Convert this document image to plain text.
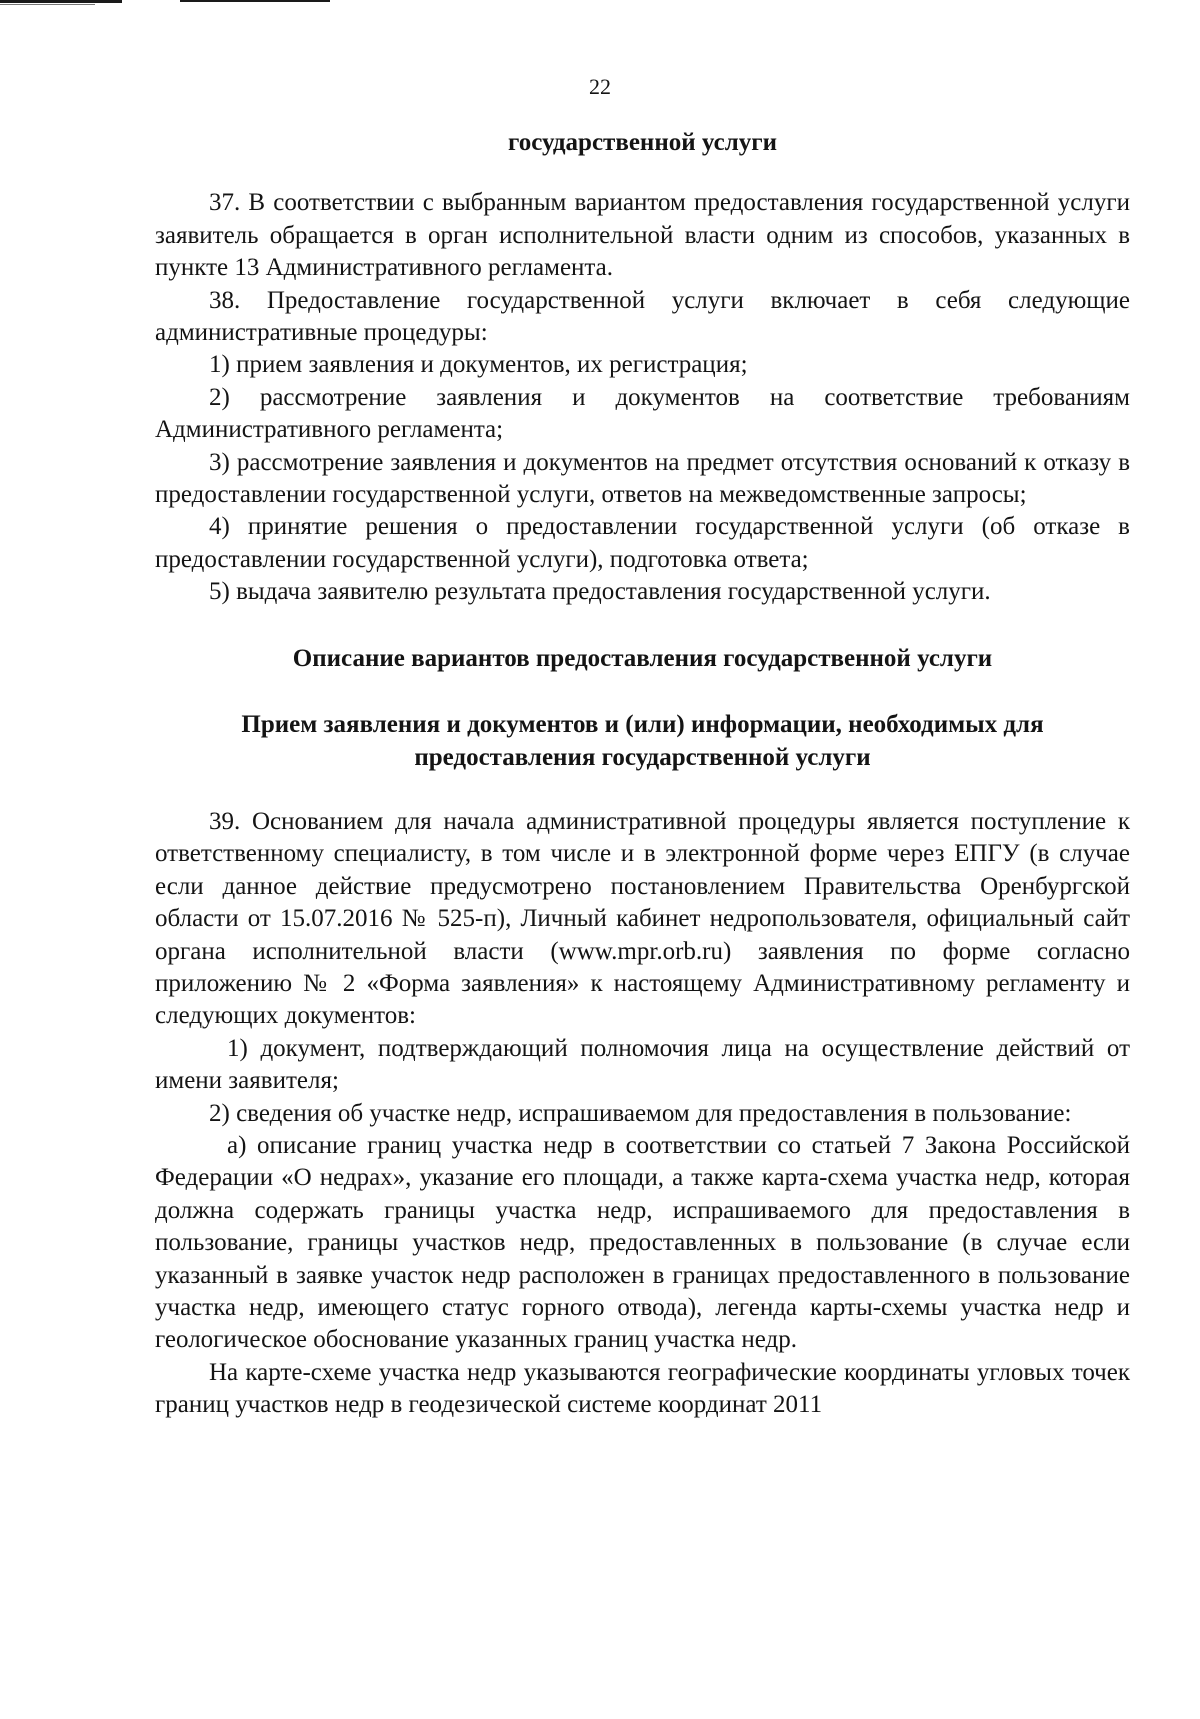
22

государственной услуги

37. В соответствии с выбранным вариантом предоставления государственной услуги заявитель обращается в орган исполнительной власти одним из способов, указанных в пункте 13 Административного регламента.

38. Предоставление государственной услуги включает в себя следующие административные процедуры:

1) прием заявления и документов, их регистрация;

2) рассмотрение заявления и документов на соответствие требованиям Административного регламента;

3) рассмотрение заявления и документов на предмет отсутствия оснований к отказу в предоставлении государственной услуги, ответов на межведомственные запросы;

4) принятие решения о предоставлении государственной услуги (об отказе в предоставлении государственной услуги), подготовка ответа;

5) выдача заявителю результата предоставления государственной услуги.

Описание вариантов предоставления государственной услуги

Прием заявления и документов и (или) информации, необходимых для предоставления государственной услуги

39. Основанием для начала административной процедуры является поступление к ответственному специалисту, в том числе и в электронной форме через ЕПГУ (в случае если данное действие предусмотрено постановлением Правительства Оренбургской области от 15.07.2016 № 525-п), Личный кабинет недропользователя, официальный сайт органа исполнительной власти (www.mpr.orb.ru) заявления по форме согласно приложению № 2 «Форма заявления» к настоящему Административному регламенту и следующих документов:

1) документ, подтверждающий полномочия лица на осуществление действий от имени заявителя;

2) сведения об участке недр, испрашиваемом для предоставления в пользование:

а) описание границ участка недр в соответствии со статьей 7 Закона Российской Федерации «О недрах», указание его площади, а также карта-схема участка недр, которая должна содержать границы участка недр, испрашиваемого для предоставления в пользование, границы участков недр, предоставленных в пользование (в случае если указанный в заявке участок недр расположен в границах предоставленного в пользование участка недр, имеющего статус горного отвода), легенда карты-схемы участка недр и геологическое обоснование указанных границ участка недр.

На карте-схеме участка недр указываются географические координаты угловых точек границ участков недр в геодезической системе координат 2011
